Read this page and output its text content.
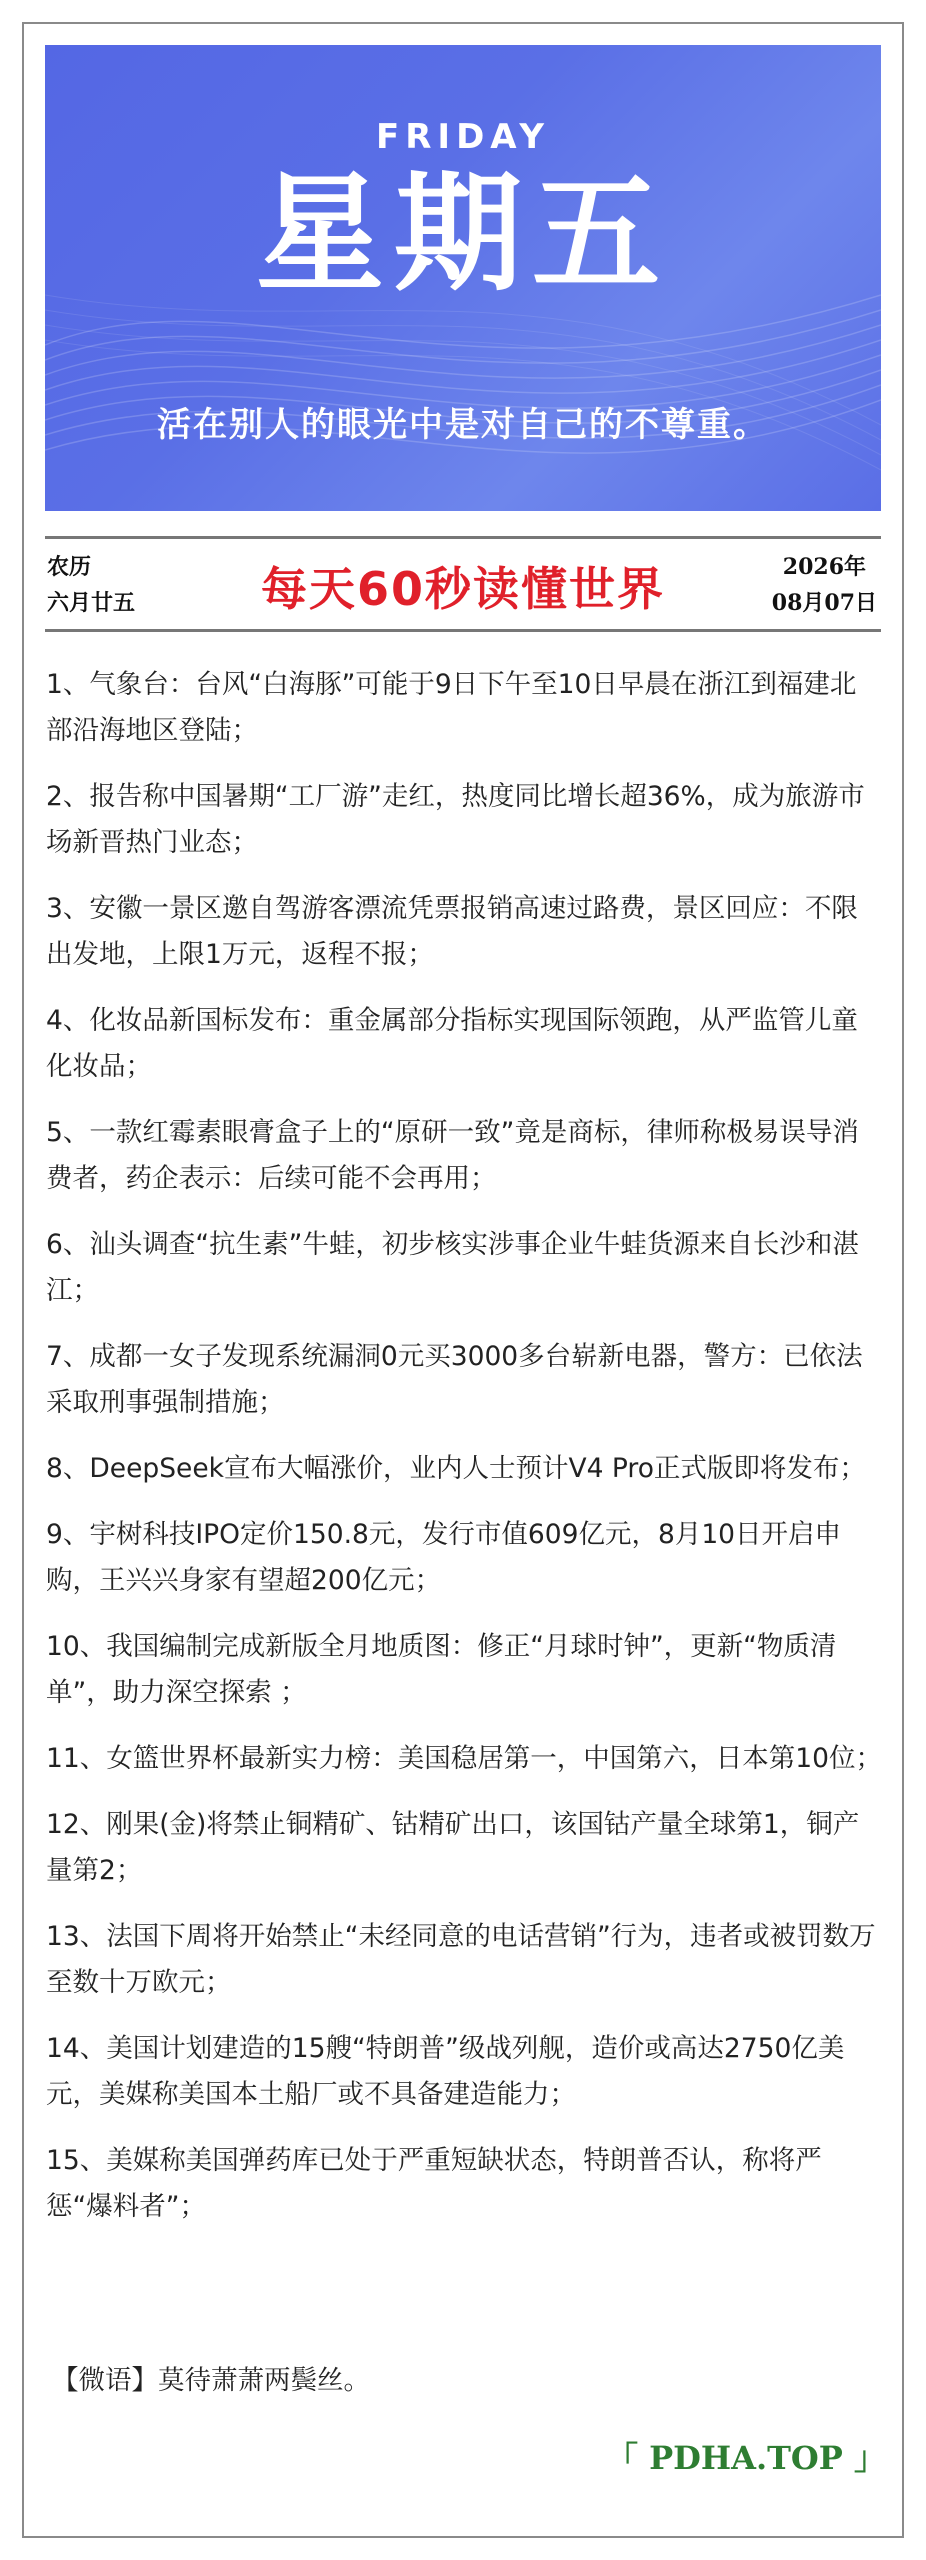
FRIDAY
星期五
活在别人的眼光中是对自己的不尊重。
农历
六月廿五	每天60秒读懂世界	2026年
08月07日
1、气象台：台风“白海豚”可能于9日下午至10日早晨在浙江到福建北部沿海地区登陆；
2、报告称中国暑期“工厂游”走红，热度同比增长超36%，成为旅游市场新晋热门业态；
3、安徽一景区邀自驾游客漂流凭票报销高速过路费，景区回应：不限出发地，上限1万元，返程不报；
4、化妆品新国标发布：重金属部分指标实现国际领跑，从严监管儿童化妆品；
5、一款红霉素眼膏盒子上的“原研一致”竟是商标，律师称极易误导消费者，药企表示：后续可能不会再用；
6、汕头调查“抗生素”牛蛙，初步核实涉事企业牛蛙货源来自长沙和湛江；
7、成都一女子发现系统漏洞0元买3000多台崭新电器，警方：已依法采取刑事强制措施；
8、DeepSeek宣布大幅涨价，业内人士预计V4 Pro正式版即将发布；
9、宇树科技IPO定价150.8元，发行市值609亿元，8月10日开启申购，王兴兴身家有望超200亿元；
10、我国编制完成新版全月地质图：修正“月球时钟”，更新“物质清单”，助力深空探索 ；
11、女篮世界杯最新实力榜：美国稳居第一，中国第六，日本第10位；
12、刚果(金)将禁止铜精矿、钴精矿出口，该国钴产量全球第1，铜产量第2；
13、法国下周将开始禁止“未经同意的电话营销”行为，违者或被罚数万至数十万欧元；
14、美国计划建造的15艘“特朗普”级战列舰，造价或高达2750亿美元，美媒称美国本土船厂或不具备建造能力；
15、美媒称美国弹药库已处于严重短缺状态，特朗普否认，称将严惩“爆料者”；
【微语】莫待萧萧两鬓丝。
「 PDHA.TOP 」
